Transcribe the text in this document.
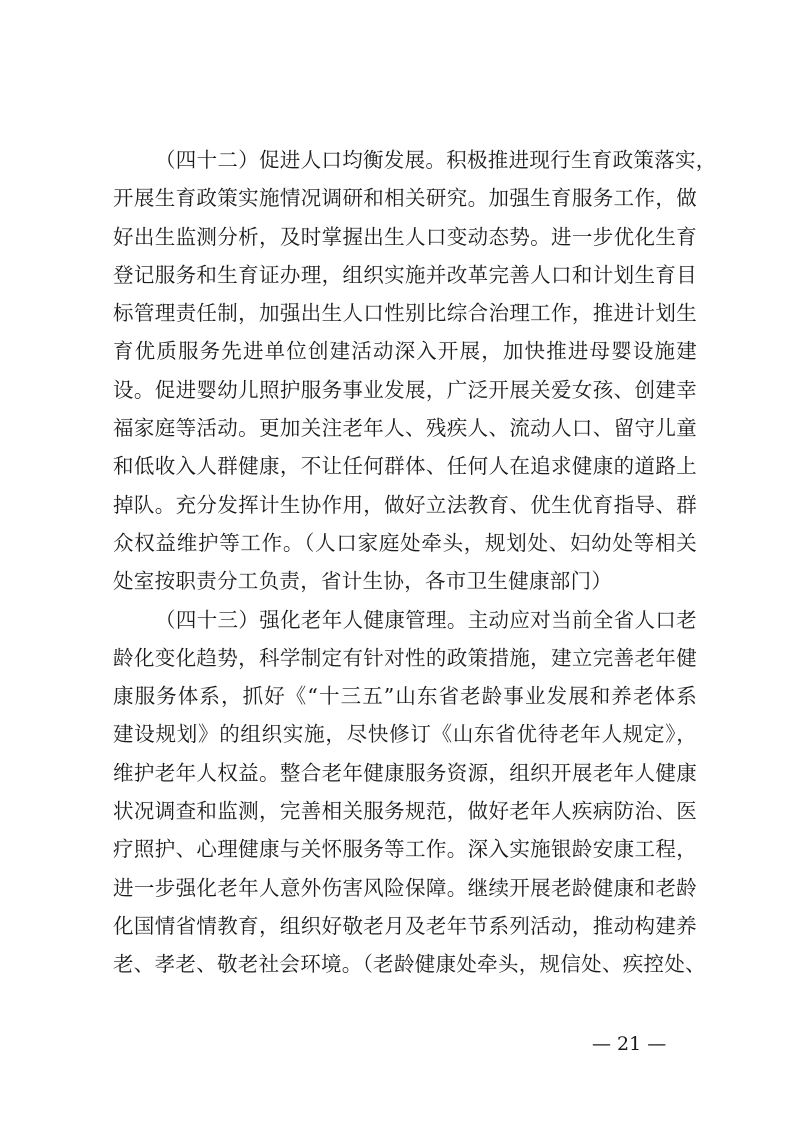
（四十二）促进人口均衡发展。积极推进现行生育政策落实，
开展生育政策实施情况调研和相关研究。加强生育服务工作，做
好出生监测分析，及时掌握出生人口变动态势。进一步优化生育
登记服务和生育证办理，组织实施并改革完善人口和计划生育目
标管理责任制，加强出生人口性别比综合治理工作，推进计划生
育优质服务先进单位创建活动深入开展，加快推进母婴设施建
设。促进婴幼儿照护服务事业发展，广泛开展关爱女孩、创建幸
福家庭等活动。更加关注老年人、残疾人、流动人口、留守儿童
和低收入人群健康，不让任何群体、任何人在追求健康的道路上
掉队。充分发挥计生协作用，做好立法教育、优生优育指导、群
众权益维护等工作。（人口家庭处牵头，规划处、妇幼处等相关
处室按职责分工负责，省计生协，各市卫生健康部门）
（四十三）强化老年人健康管理。主动应对当前全省人口老
龄化变化趋势，科学制定有针对性的政策措施，建立完善老年健
康服务体系，抓好《“十三五”山东省老龄事业发展和养老体系
建设规划》的组织实施，尽快修订《山东省优待老年人规定》，
维护老年人权益。整合老年健康服务资源，组织开展老年人健康
状况调查和监测，完善相关服务规范，做好老年人疾病防治、医
疗照护、心理健康与关怀服务等工作。深入实施银龄安康工程，
进一步强化老年人意外伤害风险保障。继续开展老龄健康和老龄
化国情省情教育，组织好敬老月及老年节系列活动，推动构建养
老、孝老、敬老社会环境。（老龄健康处牵头，规信处、疾控处、
— 21 —
